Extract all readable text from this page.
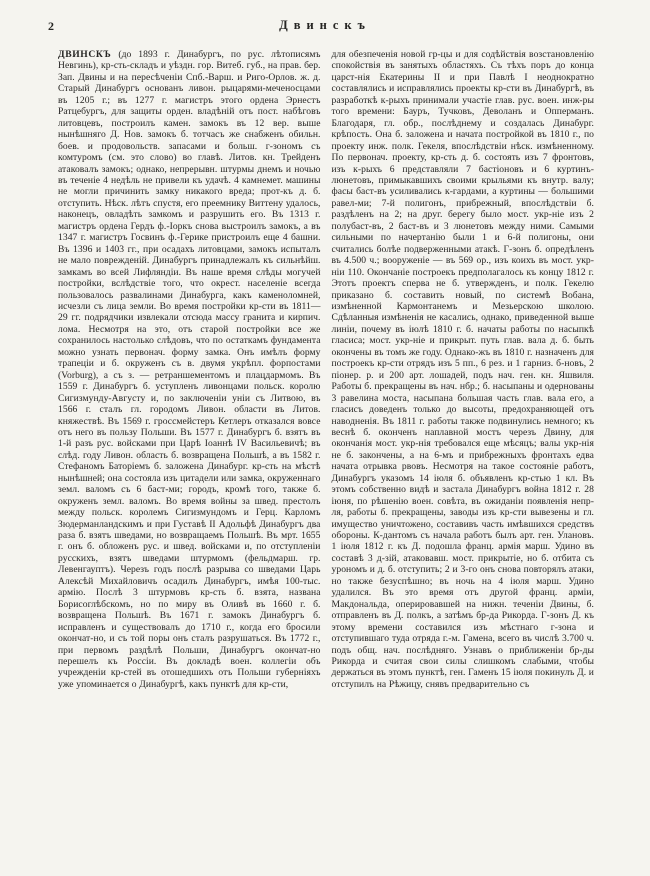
2	Двинскъ

ДВИНСКЪ (до 1893 г. Динабургъ, по рус. лѣтописямъ Невгинь), кр-сть-складъ и уѣздн. гор. Витеб. губ., на прав. бер. Зап. Двины и на пересѣченіи Спб.-Варш. и Риго-Орлов. ж. д. Старый Динабургъ основанъ ливон. рыцарями-меченосцами въ 1205 г.; въ 1277 г. магистръ этого ордена Эрнестъ Ратцебургъ, для защиты орден. владѣній отъ пост. набѣговъ литовцевъ, построилъ камен. замокъ въ 12 вер. выше нынѣшняго Д. Нов. замокъ б. тотчасъ же снабженъ обильн. боев. и продовольств. запасами и больш. г-зономъ съ комтуромъ (см. это слово) во главѣ. Литов. кн. Трейденъ атаковалъ замокъ; однако, непрерывн. штурмы днемъ и ночью въ теченіе 4 недѣль не привели къ удачѣ. 4 камнемет. машины не могли причинить замку никакого вреда; прот-къ д. б. отступить. Нѣск. лѣтъ спустя, его преемнику Виттену удалось, наконецъ, овладѣть замкомъ и разрушить его. Въ 1313 г. магистръ ордена Гердъ ф.-Іоркъ снова выстроилъ замокъ, а въ 1347 г. магистръ Госвинъ ф.-Герике пристроилъ еще 4 башни. Въ 1396 и 1403 гг., при осадахъ литовцами, замокъ испыталъ не мало поврежденій. Динабургъ принадлежалъ къ сильнѣйш. замкамъ во всей Лифляндіи. Въ наше время слѣды могучей постройки, вслѣдствіе того, что окрест. населеніе всегда пользовалось развалинами Динабурга, какъ каменоломней, исчезли съ лица земли. Во время постройки кр-сти въ 1811—29 гг. подрядчики извлекали отсюда массу гранита и кирпич. лома. Несмотря на это, отъ старой постройки все же сохранилось настолько слѣдовъ, что по остаткамъ фундамента можно узнать первонач. форму замка. Онъ имѣлъ форму трапеціи и б. окруженъ съ в. двумя укрѣпл. форпостами (Vorburg), а съ з. — ретраншементомъ и плацдармомъ. Въ 1559 г. Динабургъ б. уступленъ ливонцами польск. королю Сигизмунду-Августу и, по заключеніи уніи съ Литвою, въ 1566 г. сталъ гл. городомъ Ливон. области въ Литов. княжествѣ. Въ 1569 г. гроссмейстеръ Кетлеръ отказался вовсе отъ него въ пользу Польши. Въ 1577 г. Динабургъ б. взятъ въ 1-й разъ рус. войсками при Царѣ Іоаннѣ IV Васильевичѣ; въ слѣд. году Ливон. область б. возвращена Польшѣ, а въ 1582 г. Стефаномъ Баторіемъ б. заложена Динабург. кр-сть на мѣстѣ нынѣшней; она состояла изъ цитадели или замка, окруженнаго земл. валомъ съ 6 баст-ми; городъ, кромѣ того, также б. окруженъ земл. валомъ. Во время войны за швед. престолъ между польск. королемъ Сигизмундомъ и Герц. Карломъ Зюдерманландскимъ и при Густавѣ II Адольфѣ Динабургъ два раза б. взятъ шведами, но возвращаемъ Польшѣ. Въ мрт. 1655 г. онъ б. обложенъ рус. и швед. войсками и, по отступленіи русскихъ, взятъ шведами штурмомъ (фельдмарш. гр. Левенгауптъ). Черезъ годъ послѣ разрыва со шведами Царь Алексѣй Михайловичъ осадилъ Динабургъ, имѣя 100-тыс. армію. Послѣ 3 штурмовъ кр-сть б. взята, названа Борисоглѣбскомъ, но по миру въ Оливѣ въ 1660 г. б. возвращена Польшѣ. Въ 1671 г. замокъ Динабургъ б. исправленъ и существовалъ до 1710 г., когда его бросили окончат-но, и съ той поры онъ сталъ разрушаться. Въ 1772 г., при первомъ раздѣлѣ Польши, Динабургъ окончат-но перешелъ къ Россіи. Въ докладѣ воен. коллегіи объ учрежденіи кр-стей въ отошедшихъ отъ Польши губерніяхъ уже упоминается о Динабургѣ, какъ пунктѣ для кр-сти,

для обезпеченія новой гр-цы и для содѣйствія возстановленію спокойствія въ занятыхъ областяхъ. Съ тѣхъ поръ до конца царст-нія Екатерины II и при Павлѣ I неоднократно составлялись и исправлялись проекты кр-сти въ Динабургѣ, въ разработкѣ к-рыхъ принимали участіе глав. рус. воен. инж-ры того времени: Бауръ, Тучковъ, Деволанъ и Опперманъ. Благодаря, гл. обр., послѣднему и создалась Динабург. крѣпость. Она б. заложена и начата постройкой въ 1810 г., по проекту инж. полк. Гекеля, впослѣдствіи нѣск. измѣненному. По первонач. проекту, кр-сть д. б. состоять изъ 7 фронтовъ, изъ к-рыхъ 6 представляли 7 бастіоновъ и 6 куртинъ-люнетовъ, примыкавшихъ своими крыльями къ внутр. валу; фасы баст-въ усиливались к-гардами, а куртины — большими равел-ми; 7-й полигонъ, прибрежный, впослѣдствіи б. раздѣленъ на 2; на друг. берегу было мост. укр-ніе изъ 2 полубаст-въ, 2 баст-въ и 3 люнетовъ между ними. Самыми сильными по начертанію были 1 и 6-й полигоны, они считались болѣе подверженными атакѣ. Г-зонъ б. опредѣленъ въ 4.500 ч.; вооруженіе — въ 569 ор., изъ коихъ въ мост. укр-ніи 110. Окончаніе построекъ предполагалось къ концу 1812 г. Этотъ проектъ сперва не б. утвержденъ, и полк. Гекелю приказано б. составить новый, по системѣ Вобана, измѣненной Кармонтанемъ и Мезьерскою школою. Сдѣланныя измѣненія не касались, однако, приведенной выше линіи, почему въ іюлѣ 1810 г. б. начаты работы по насыпкѣ гласиса; мост. укр-ніе и прикрыт. путь глав. вала д. б. быть окончены въ томъ же году. Однако-жъ въ 1810 г. назначенъ для построекъ кр-сти отрядъ изъ 5 пп., 6 рез. и 1 гарниз. б-новъ, 2 піонер. р. и 200 арт. лошадей, подъ нач. ген. кн. Яшвиля. Работы б. прекращены въ нач. нбр.; б. насыпаны и одернованы 3 равелина моста, насыпана большая часть глав. вала его, а гласисъ доведенъ только до высоты, предохраняющей отъ наводненія. Въ 1811 г. работы также подвинулись немного; къ веснѣ б. оконченъ наплавной мостъ черезъ Двину, для окончанія мост. укр-нія требовался еще мѣсяцъ; валы укр-нія не б. закончены, а на 6-мъ и прибрежныхъ фронтахъ едва начата отрывка рвовъ. Несмотря на такое состояніе работъ, Динабургъ указомъ 14 іюля б. объявленъ кр-стью 1 кл. Въ этомъ собственно видѣ и застала Динабургъ война 1812 г. 28 іюня, по рѣшенію воен. совѣта, въ ожиданіи появленія непр-ля, работы б. прекращены, заводы изъ кр-сти вывезены и гл. имущество уничтожено, составивъ часть имѣвшихся средствъ обороны. К-дантомъ съ начала работъ былъ арт. ген. Улановъ. 1 іюля 1812 г. къ Д. подошла франц. армія марш. Удино въ составѣ 3 д-зій, атаковавш. мост. прикрытіе, но б. отбита съ урономъ и д. б. отступить; 2 и 3-го онъ снова повторялъ атаки, но также безуспѣшно; въ ночь на 4 іюля марш. Удино удалился. Въ это время отъ другой франц. арміи, Макдональда, оперировавшей на нижн. теченіи Двины, б. отправленъ въ Д. полкъ, а затѣмъ бр-да Рикорда. Г-зонъ Д. къ этому времени составился изъ мѣстнаго г-зона и отступившаго туда отряда г.-м. Гамена, всего въ числѣ 3.700 ч. подъ общ. нач. послѣдняго. Узнавъ о приближеніи бр-ды Рикорда и считая свои силы слишкомъ слабыми, чтобы держаться въ этомъ пунктѣ, ген. Гаменъ 15 іюля покинулъ Д. и отступилъ на Рѣжицу, снявъ предварительно съ
